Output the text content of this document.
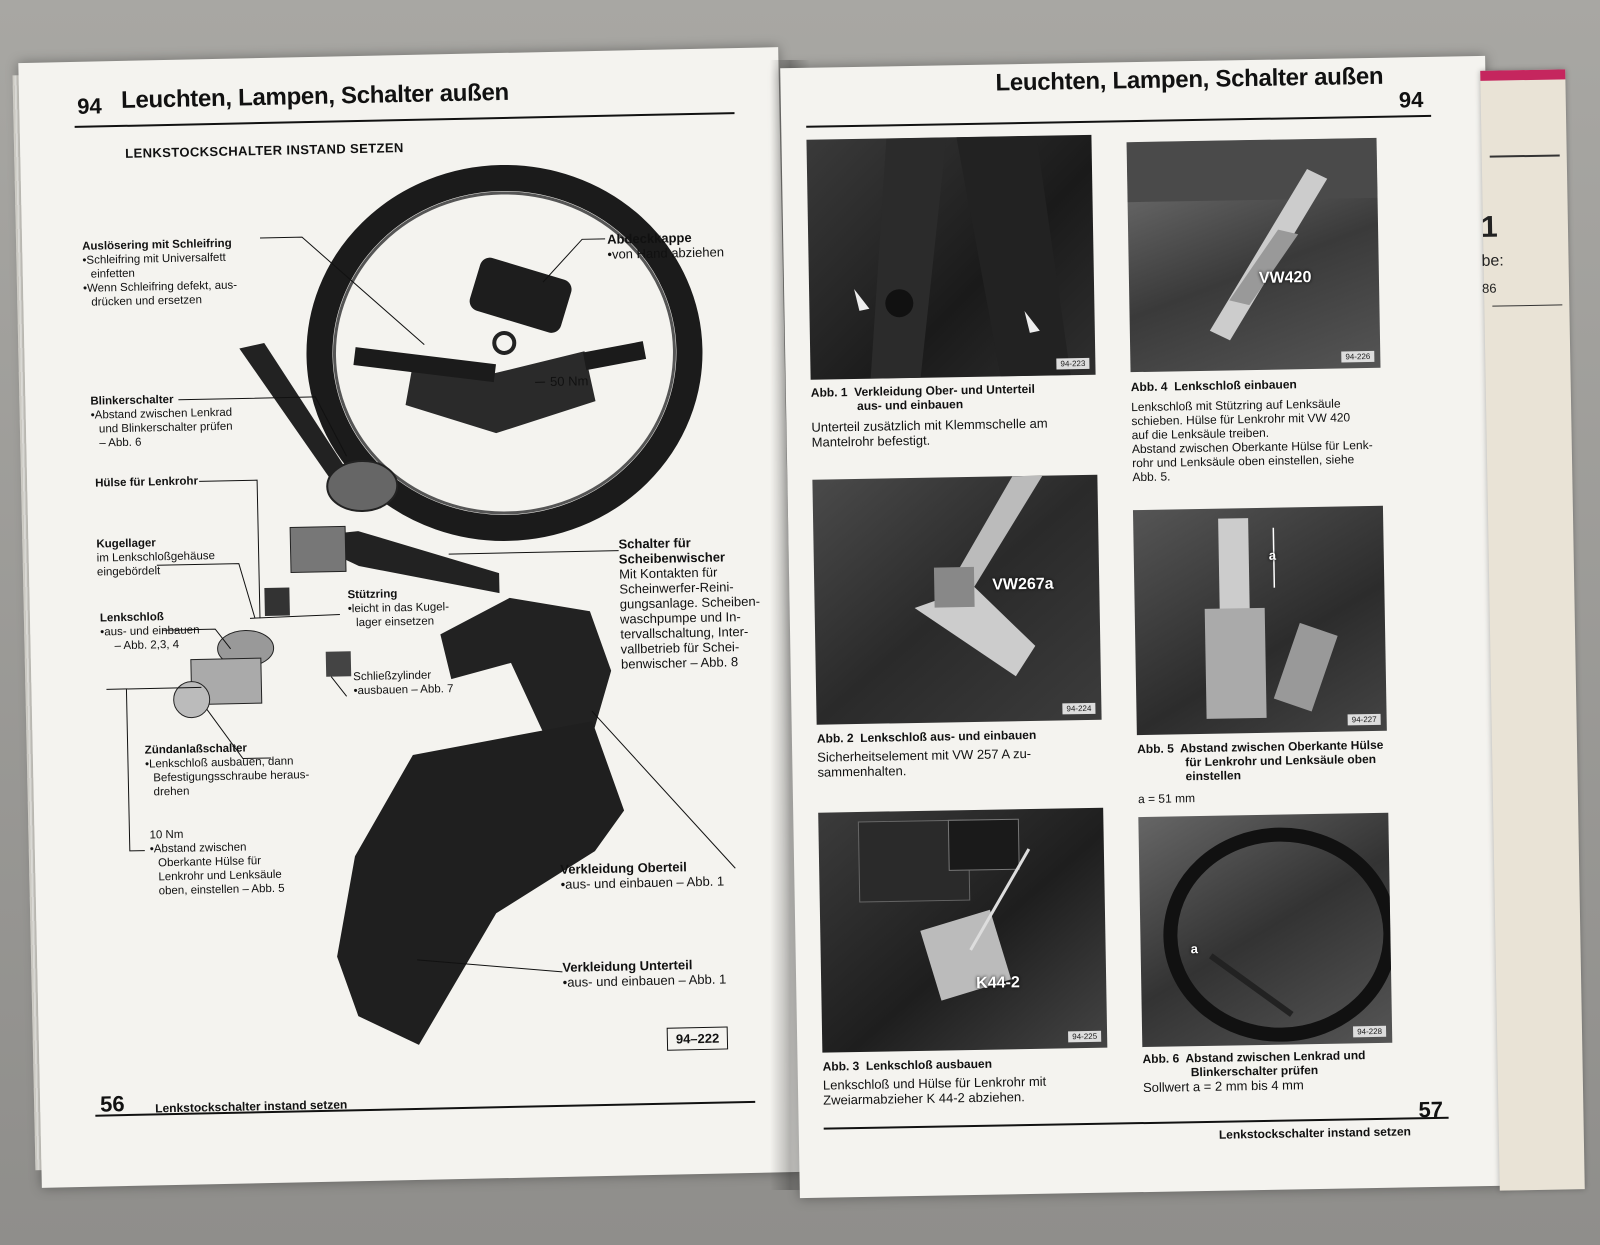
94 Leuchten, Lampen, Schalter außen
LENKSTOCKSCHALTER INSTAND SETZEN
Auslösering mit Schleifring
•Schleifring mit Universalfett
einfetten
•Wenn Schleifring defekt, aus-
drücken und ersetzen
Abdeckkappe
•von Hand abziehen
50 Nm
Blinkerschalter
•Abstand zwischen Lenkrad
und Blinkerschalter prüfen
– Abb. 6
Hülse für Lenkrohr
Kugellager
im Lenkschloßgehäuse
eingebördelt
Schalter für
Scheibenwischer
Mit Kontakten für
Scheinwerfer-Reini-
gungsanlage. Scheiben-
waschpumpe und In-
tervallschaltung, Inter-
vallbetrieb für Schei-
benwischer – Abb. 8
Stützring
•leicht in das Kugel-
lager einsetzen
Lenkschloß
•aus- und einbauen
– Abb. 2,3, 4
Schließzylinder
•ausbauen – Abb. 7
Zündanlaßschalter
•Lenkschloß ausbauen, dann
Befestigungsschraube heraus-
drehen
10 Nm
•Abstand zwischen
Oberkante Hülse für
Lenkrohr und Lenksäule
oben, einstellen – Abb. 5
Verkleidung Oberteil
•aus- und einbauen – Abb. 1
Verkleidung Unterteil
•aus- und einbauen – Abb. 1
94–222
56	Lenkstockschalter instand setzen
Leuchten, Lampen, Schalter außen
94
94-223
Abb. 1 Verkleidung Ober- und Unterteil
aus- und einbauen
Unterteil zusätzlich mit Klemmschelle am
Mantelrohr befestigt.
VW420
94-226
Abb. 4 Lenkschloß einbauen
Lenkschloß mit Stützring auf Lenksäule
schieben. Hülse für Lenkrohr mit VW 420
auf die Lenksäule treiben.
Abstand zwischen Oberkante Hülse für Lenk-
rohr und Lenksäule oben einstellen, siehe
Abb. 5.
VW267a
94-224
Abb. 2 Lenkschloß aus- und einbauen
Sicherheitselement mit VW 257 A zu-
sammenhalten.
a
94-227
Abb. 5 Abstand zwischen Oberkante Hülse
für Lenkrohr und Lenksäule oben
einstellen
a = 51 mm
K44-2
94-225
Abb. 3 Lenkschloß ausbauen
Lenkschloß und Hülse für Lenkrohr mit
Zweiarmabzieher K 44-2 abziehen.
a
94-228
Abb. 6 Abstand zwischen Lenkrad und
Blinkerschalter prüfen
Sollwert a = 2 mm bis 4 mm
Lenkstockschalter instand setzen
57
1
be:
86
